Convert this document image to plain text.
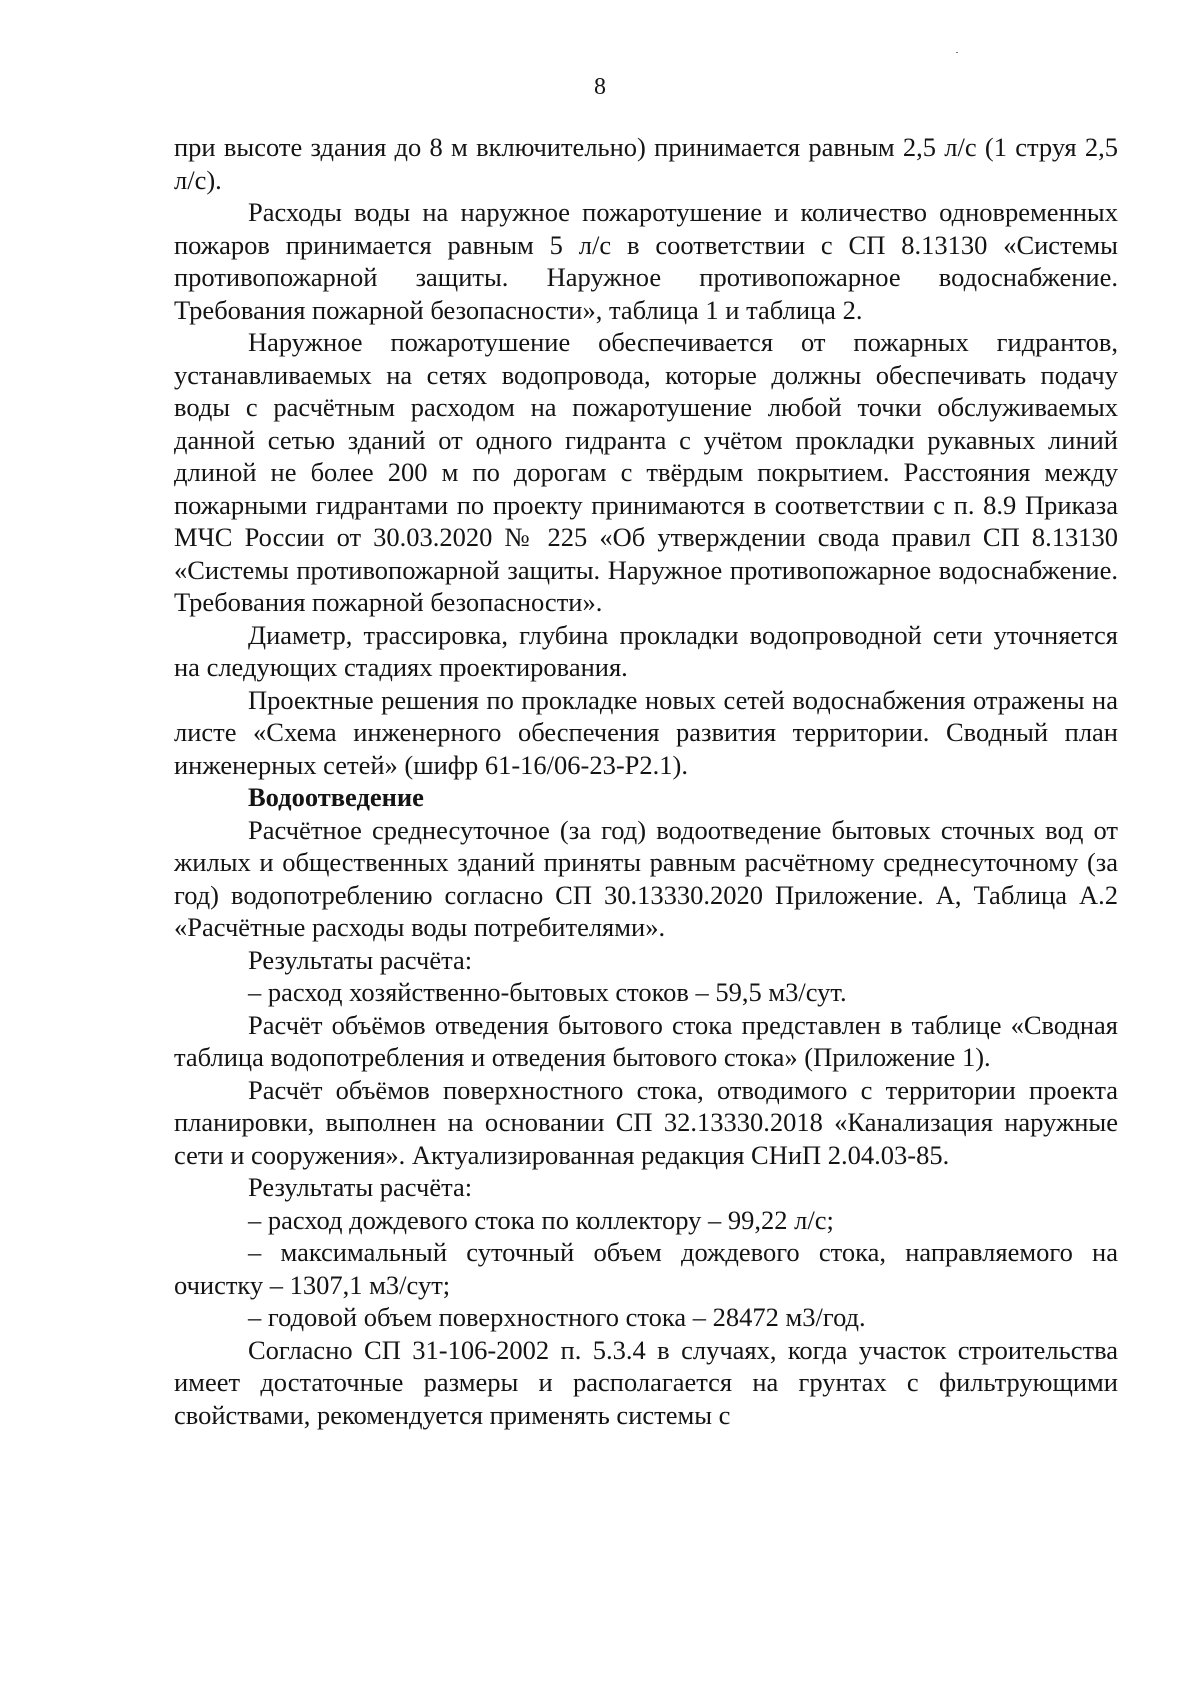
8

при высоте здания до 8 м включительно) принимается равным 2,5 л/с (1 струя 2,5 л/с).

Расходы воды на наружное пожаротушение и количество одновременных пожаров принимается равным 5 л/с в соответствии с СП 8.13130 «Системы противопожарной защиты. Наружное противопожарное водоснабжение. Требования пожарной безопасности», таблица 1 и таблица 2.

Наружное пожаротушение обеспечивается от пожарных гидрантов, устанавливаемых на сетях водопровода, которые должны обеспечивать подачу воды с расчётным расходом на пожаротушение любой точки обслуживаемых данной сетью зданий от одного гидранта с учётом прокладки рукавных линий длиной не более 200 м по дорогам с твёрдым покрытием. Расстояния между пожарными гидрантами по проекту принимаются в соответствии с п. 8.9 Приказа МЧС России от 30.03.2020 № 225 «Об утверждении свода правил СП 8.13130 «Системы противопожарной защиты. Наружное противопожарное водоснабжение. Требования пожарной безопасности».

Диаметр, трассировка, глубина прокладки водопроводной сети уточняется на следующих стадиях проектирования.

Проектные решения по прокладке новых сетей водоснабжения отражены на листе «Схема инженерного обеспечения развития территории. Сводный план инженерных сетей» (шифр 61-16/06-23-Р2.1).

Водоотведение

Расчётное среднесуточное (за год) водоотведение бытовых сточных вод от жилых и общественных зданий приняты равным расчётному среднесуточному (за год) водопотреблению согласно СП 30.13330.2020 Приложение. А, Таблица А.2 «Расчётные расходы воды потребителями».

Результаты расчёта:

– расход хозяйственно-бытовых стоков – 59,5 м3/сут.

Расчёт объёмов отведения бытового стока представлен в таблице «Сводная таблица водопотребления и отведения бытового стока» (Приложение 1).

Расчёт объёмов поверхностного стока, отводимого с территории проекта планировки, выполнен на основании СП 32.13330.2018 «Канализация наружные сети и сооружения». Актуализированная редакция СНиП 2.04.03-85.

Результаты расчёта:

– расход дождевого стока по коллектору – 99,22 л/с;

– максимальный суточный объем дождевого стока, направляемого на очистку – 1307,1 м3/сут;

– годовой объем поверхностного стока – 28472 м3/год.

Согласно СП 31-106-2002 п. 5.3.4 в случаях, когда участок строительства имеет достаточные размеры и располагается на грунтах с фильтрующими свойствами, рекомендуется применять системы с
